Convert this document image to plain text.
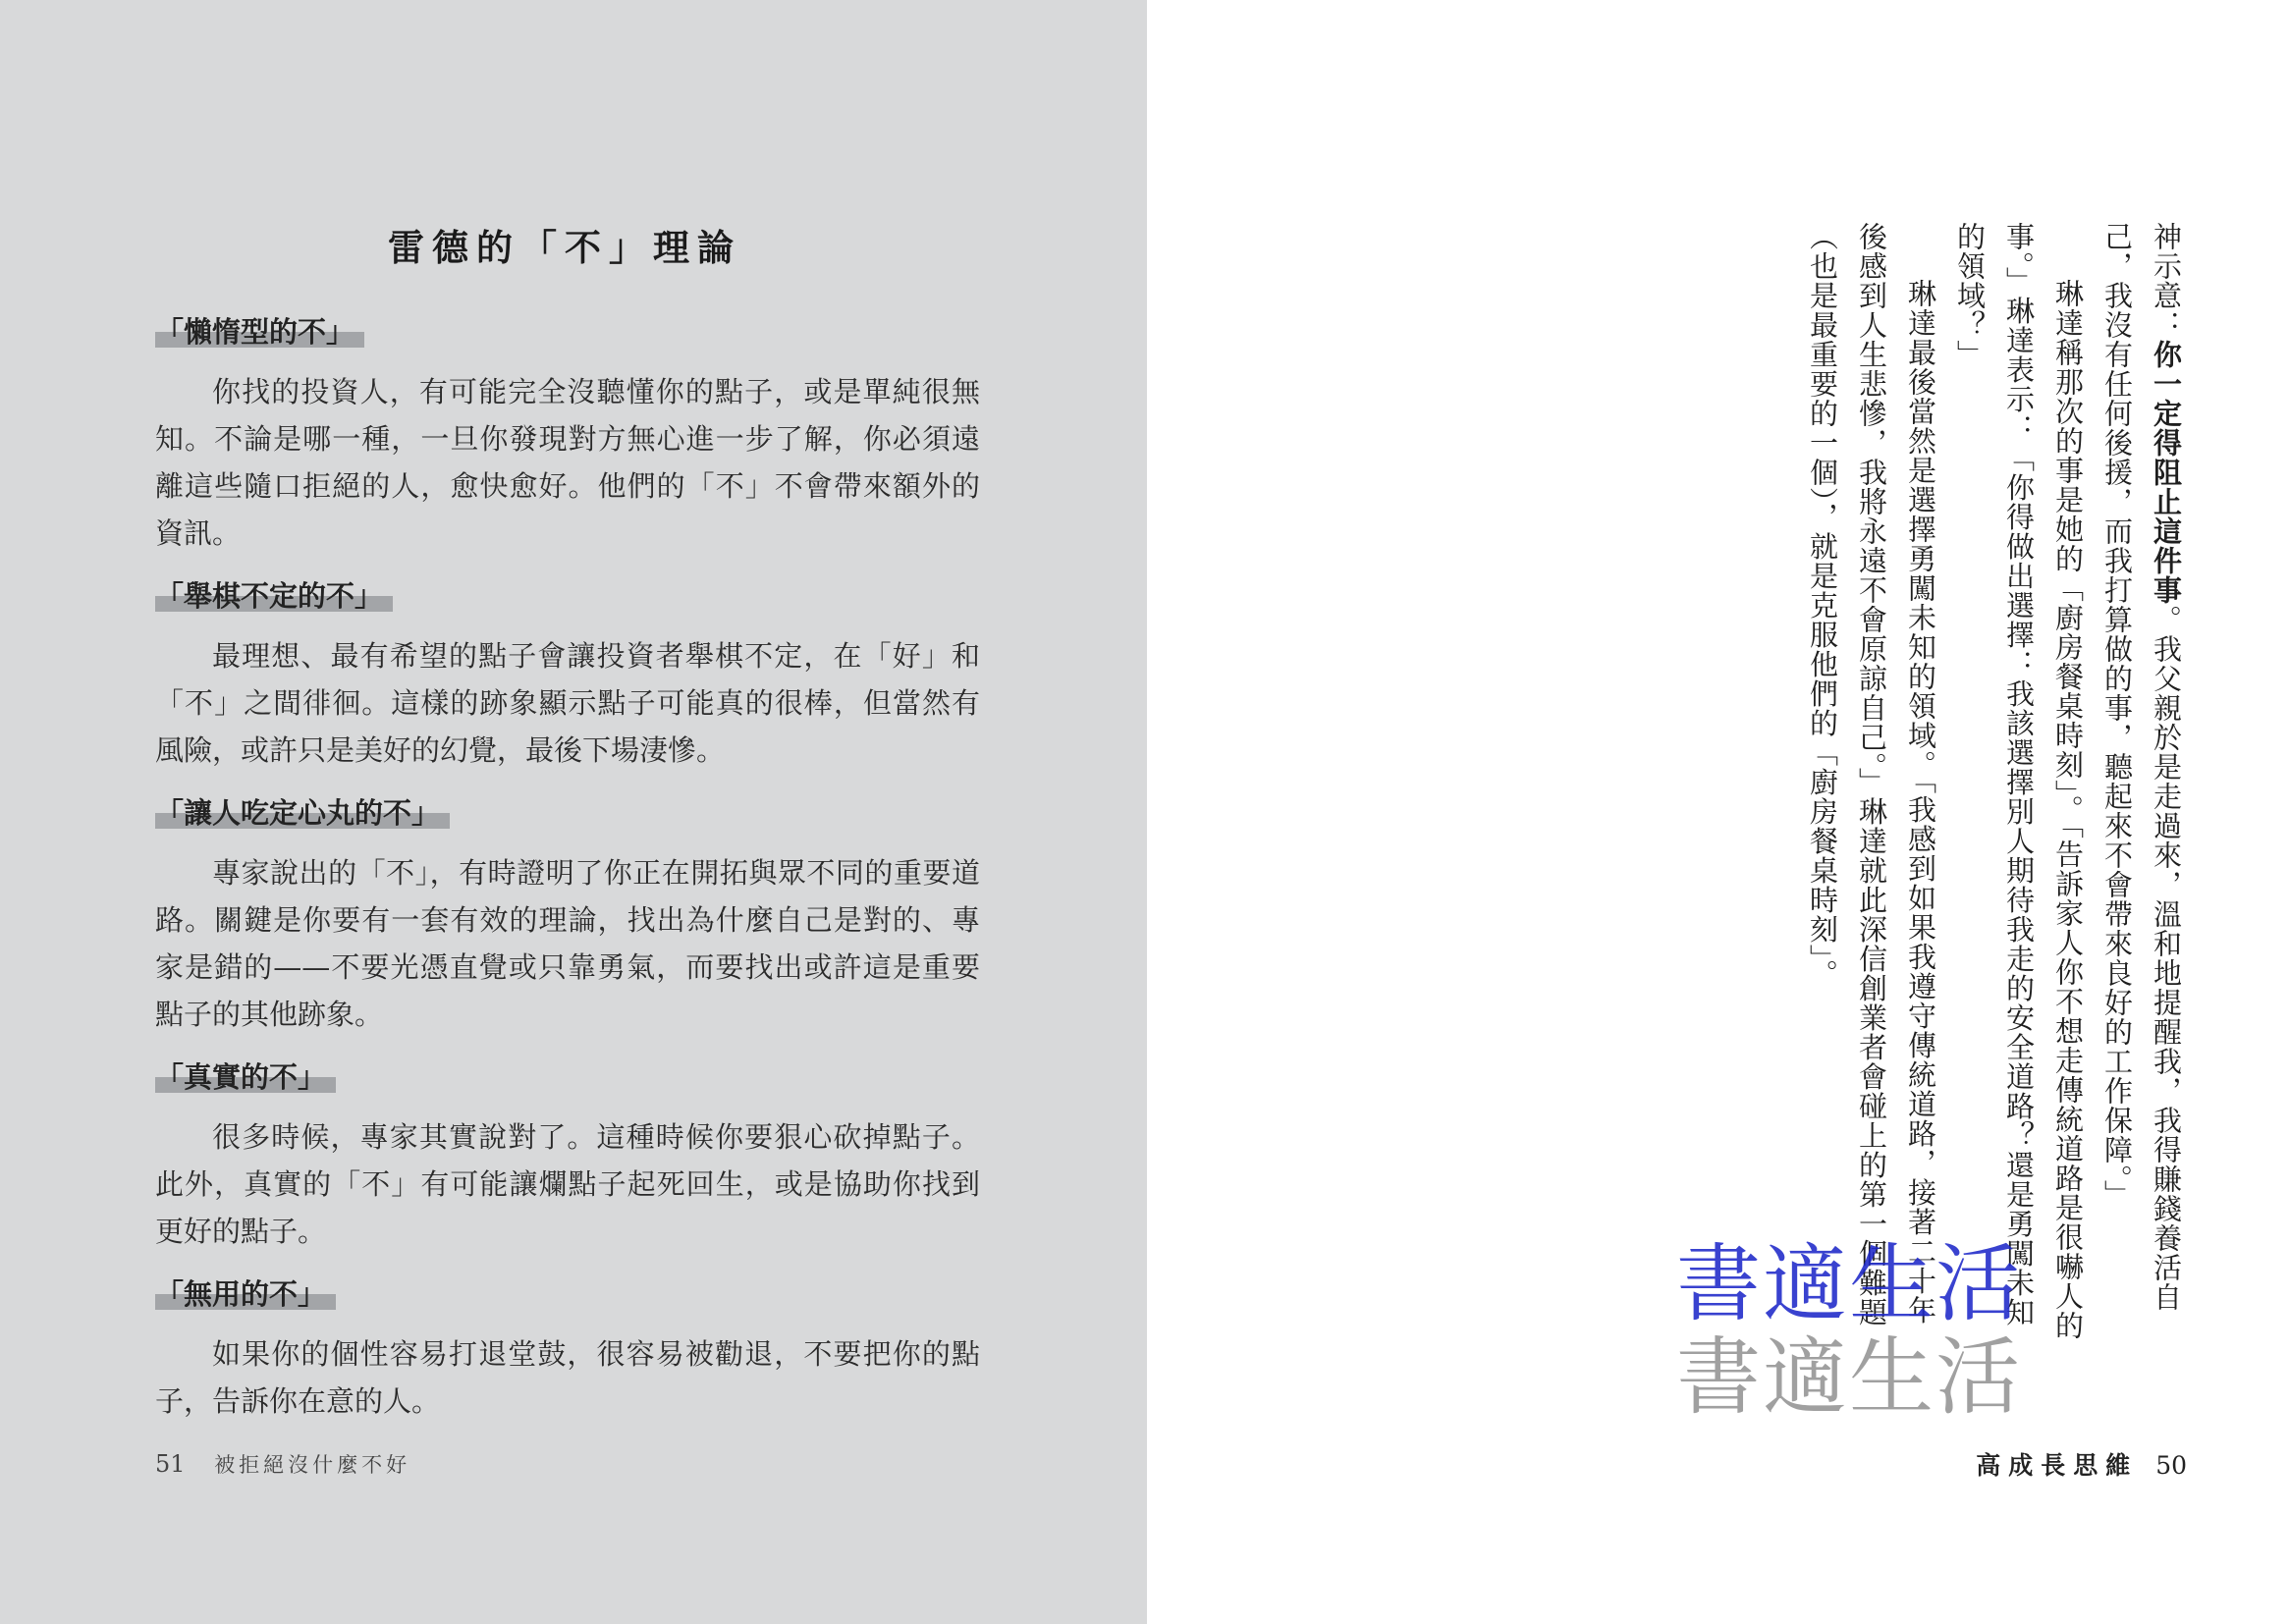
雷德的「不」理論
「懶惰型的不」

你找的投資人，有可能完全沒聽懂你的點子，或是單純很無知。不論是哪一種，一旦你發現對方無心進一步了解，你必須遠離這些隨口拒絕的人，愈快愈好。他們的「不」不會帶來額外的資訊。

「舉棋不定的不」

最理想、最有希望的點子會讓投資者舉棋不定，在「好」和「不」之間徘徊。這樣的跡象顯示點子可能真的很棒，但當然有風險，或許只是美好的幻覺，最後下場淒慘。

「讓人吃定心丸的不」

專家說出的「不」，有時證明了你正在開拓與眾不同的重要道路。關鍵是你要有一套有效的理論，找出為什麼自己是對的、專家是錯的——不要光憑直覺或只靠勇氣，而要找出或許這是重要點子的其他跡象。

「真實的不」

很多時候，專家其實說對了。這種時候你要狠心砍掉點子。此外，真實的「不」有可能讓爛點子起死回生，或是協助你找到更好的點子。

「無用的不」

如果你的個性容易打退堂鼓，很容易被勸退，不要把你的點子，告訴你在意的人。

51 被拒絕沒什麼不好

神示意：你一定得阻止這件事。我父親於是走過來，溫和地提醒我，我得賺錢養活自己，我沒有任何後援，而我打算做的事，聽起來不會帶來良好的工作保障。」

琳達稱那次的事是她的「廚房餐桌時刻」。「告訴家人你不想走傳統道路是很嚇人的事。」琳達表示：「你得做出選擇：我該選擇別人期待我走的安全道路？還是勇闖未知的領域？」

琳達最後當然是選擇勇闖未知的領域。「我感到如果我遵守傳統道路，接著二十年後感到人生悲慘，我將永遠不會原諒自己。」琳達就此深信創業者會碰上的第一個難題（也是最重要的一個），就是克服他們的「廚房餐桌時刻」。

高成長思維 50
書適生活
書適生活
